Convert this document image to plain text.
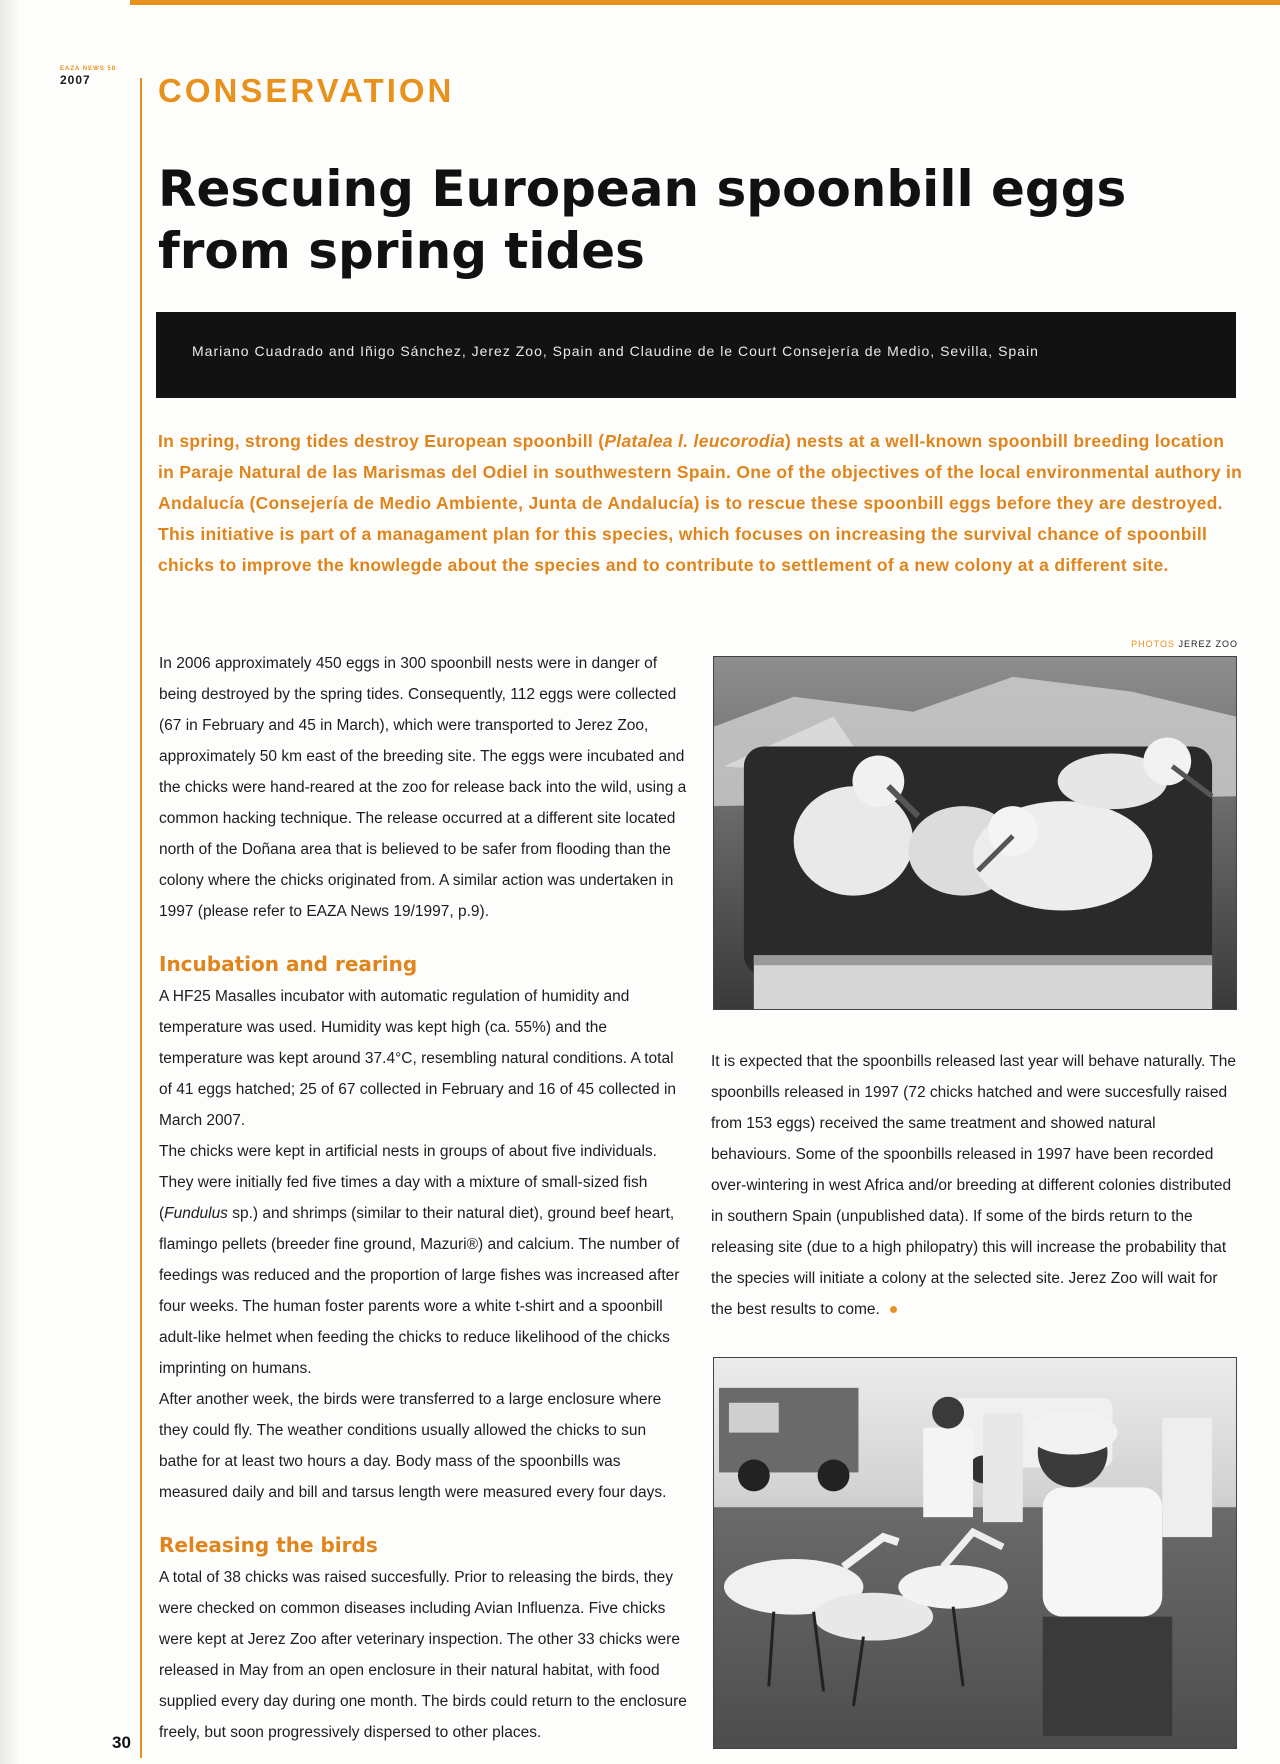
EAZA NEWS 58
2007	CONSERVATION
Rescuing European spoonbill eggs from spring tides
Mariano Cuadrado and Iñigo Sánchez, Jerez Zoo, Spain and Claudine de le Court Consejería de Medio, Sevilla, Spain

In spring, strong tides destroy European spoonbill (Platalea l. leucorodia) nests at a well-known spoonbill breeding location in Paraje Natural de las Marismas del Odiel in southwestern Spain. One of the objectives of the local environmental authory in Andalucía (Consejería de Medio Ambiente, Junta de Andalucía) is to rescue these spoonbill eggs before they are destroyed. This initiative is part of a managament plan for this species, which focuses on increasing the survival chance of spoonbill chicks to improve the knowlegde about the species and to contribute to settlement of a new colony at a different site.

In 2006 approximately 450 eggs in 300 spoonbill nests were in danger of being destroyed by the spring tides. Consequently, 112 eggs were collected (67 in February and 45 in March), which were transported to Jerez Zoo, approximately 50 km east of the breeding site. The eggs were incubated and the chicks were hand-reared at the zoo for release back into the wild, using a common hacking technique. The release occurred at a different site located north of the Doñana area that is believed to be safer from flooding than the colony where the chicks originated from. A similar action was undertaken in 1997 (please refer to EAZA News 19/1997, p.9).

Incubation and rearing

A HF25 Masalles incubator with automatic regulation of humidity and temperature was used. Humidity was kept high (ca. 55%) and the temperature was kept around 37.4°C, resembling natural conditions. A total of 41 eggs hatched; 25 of 67 collected in February and 16 of 45 collected in March 2007.

The chicks were kept in artificial nests in groups of about five individuals. They were initially fed five times a day with a mixture of small-sized fish (Fundulus sp.) and shrimps (similar to their natural diet), ground beef heart, flamingo pellets (breeder fine ground, Mazuri®) and calcium. The number of feedings was reduced and the proportion of large fishes was increased after four weeks. The human foster parents wore a white t-shirt and a spoonbill adult-like helmet when feeding the chicks to reduce likelihood of the chicks imprinting on humans.

After another week, the birds were transferred to a large enclosure where they could fly. The weather conditions usually allowed the chicks to sun bathe for at least two hours a day. Body mass of the spoonbills was measured daily and bill and tarsus length were measured every four days.

Releasing the birds

A total of 38 chicks was raised succesfully. Prior to releasing the birds, they were checked on common diseases including Avian Influenza. Five chicks were kept at Jerez Zoo after veterinary inspection. The other 33 chicks were released in May from an open enclosure in their natural habitat, with food supplied every day during one month. The birds could return to the enclosure freely, but soon progressively dispersed to other places.

PHOTOS JEREZ ZOO

It is expected that the spoonbills released last year will behave naturally. The spoonbills released in 1997 (72 chicks hatched and were succesfully raised from 153 eggs) received the same treatment and showed natural behaviours. Some of the spoonbills released in 1997 have been recorded over-wintering in west Africa and/or breeding at different colonies distributed in southern Spain (unpublished data). If some of the birds return to the releasing site (due to a high philopatry) this will increase the probability that the species will initiate a colony at the selected site. Jerez Zoo will wait for the best results to come.

30
